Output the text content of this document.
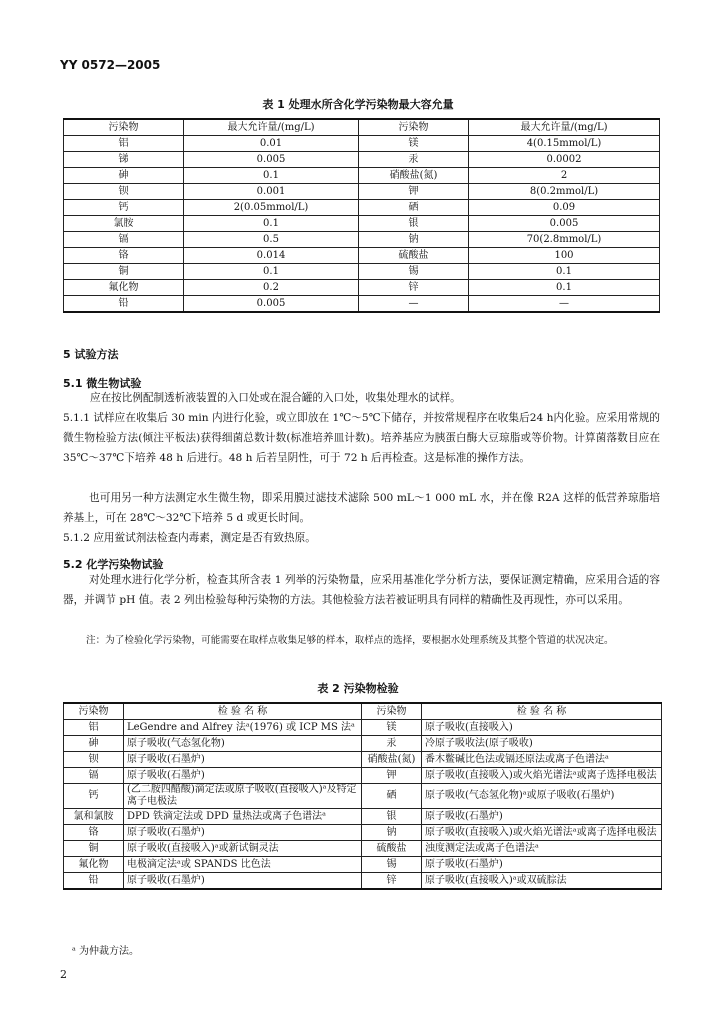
YY 0572—2005
表 1 处理水所含化学污染物最大容允量
污染物	最大允许量/(mg/L)	污染物	最大允许量/(mg/L)
铝	0.01	镁	4(0.15mmol/L)
锑	0.005	汞	0.0002
砷	0.1	硝酸盐(氮)	2
钡	0.001	钾	8(0.2mmol/L)
钙	2(0.05mmol/L)	硒	0.09
氯胺	0.1	银	0.005
镉	0.5	钠	70(2.8mmol/L)
铬	0.014	硫酸盐	100
铜	0.1	锡	0.1
氟化物	0.2	锌	0.1
铅	0.005	—	—
5 试验方法
5.1 微生物试验
应在按比例配制透析液装置的入口处或在混合罐的入口处，收集处理水的试样。
5.1.1 试样应在收集后 30 min 内进行化验，或立即放在 1℃～5℃下储存，并按常规程序在收集后24 h内化验。应采用常规的微生物检验方法(倾注平板法)获得细菌总数计数(标准培养皿计数)。培养基应为胰蛋白酶大豆琼脂或等价物。计算菌落数目应在 35℃～37℃下培养 48 h 后进行。48 h 后若呈阴性，可于 72 h 后再检查。这是标准的操作方法。
也可用另一种方法测定水生微生物，即采用膜过滤技术滤除 500 mL～1 000 mL 水，并在像 R2A 这样的低营养琼脂培养基上，可在 28℃～32℃下培养 5 d 或更长时间。
5.1.2 应用鲎试剂法检查内毒素，测定是否有致热原。
5.2 化学污染物试验
对处理水进行化学分析，检查其所含表 1 列举的污染物量，应采用基准化学分析方法，要保证测定精确，应采用合适的容器，并调节 pH 值。表 2 列出检验每种污染物的方法。其他检验方法若被证明具有同样的精确性及再现性，亦可以采用。
注：为了检验化学污染物，可能需要在取样点收集足够的样本，取样点的选择，要根据水处理系统及其整个管道的状况决定。
表 2 污染物检验
污染物	检 验 名 称	污染物	检 验 名 称
铝	LeGendre and Alfrey 法ᵃ(1976) 或 ICP MS 法ᵃ	镁	原子吸收(直接吸入)
砷	原子吸收(气态氢化物)	汞	冷原子吸收法(原子吸收)
钡	原子吸收(石墨炉)	硝酸盐(氮)	番木鳖碱比色法或镉还原法或离子色谱法ᵃ
镉	原子吸收(石墨炉)	钾	原子吸收(直接吸入)或火焰光谱法ᵃ或离子选择电极法
钙	(乙二胺四醋酸)滴定法或原子吸收(直接吸入)ᵃ及特定离子电极法	硒	原子吸收(气态氢化物)ᵃ或原子吸收(石墨炉)
氯和氯胺	DPD 铁滴定法或 DPD 量热法或离子色谱法ᵃ	银	原子吸收(石墨炉)
铬	原子吸收(石墨炉)	钠	原子吸收(直接吸入)或火焰光谱法ᵃ或离子选择电极法
铜	原子吸收(直接吸入)ᵃ或新试铜灵法	硫酸盐	浊度测定法或离子色谱法ᵃ
氟化物	电极滴定法ᵃ或 SPANDS 比色法	锡	原子吸收(石墨炉)
铅	原子吸收(石墨炉)	锌	原子吸收(直接吸入)ᵃ或双硫腙法
ᵃ 为仲裁方法。
2
